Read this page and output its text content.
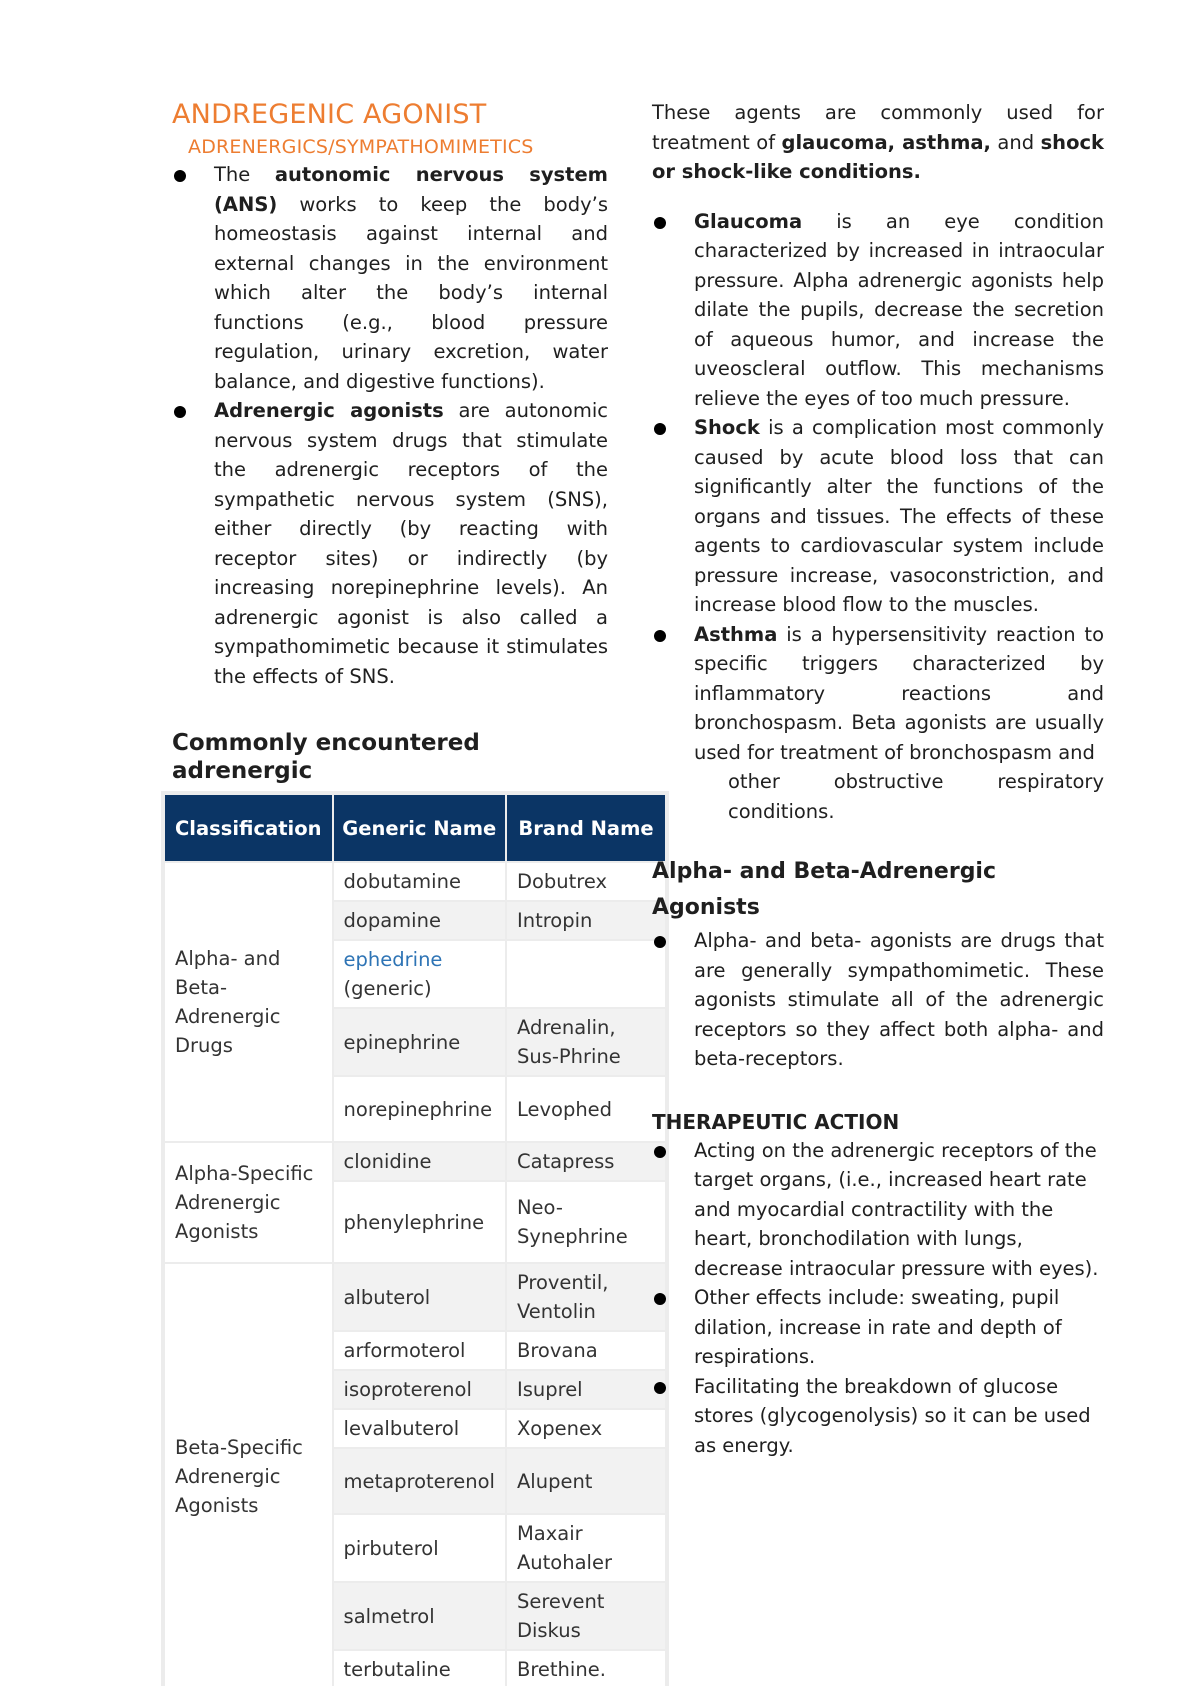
ANDREGENIC AGONIST
ADRENERGICS/SYMPATHOMIMETICS
The autonomic nervous system (ANS) works to keep the body’s homeostasis against internal and external changes in the environment which alter the body’s internal functions (e.g., blood pressure regulation, urinary excretion, water balance, and digestive functions).
Adrenergic agonists are autonomic nervous system drugs that stimulate the adrenergic receptors of the sympathetic nervous system (SNS), either directly (by reacting with receptor sites) or indirectly (by increasing norepinephrine levels). An adrenergic agonist is also called a sympathomimetic because it stimulates the effects of SNS.
Commonly encountered adrenergic
Classification	Generic Name	Brand Name
Alpha- and Beta-Adrenergic Drugs	dobutamine	Dobutrex
	dopamine	Intropin
	ephedrine (generic)	
	epinephrine	Adrenalin, Sus-Phrine
	norepinephrine	Levophed
Alpha-Specific Adrenergic Agonists	clonidine	Catapress
	phenylephrine	Neo-Synephrine
Beta-Specific Adrenergic Agonists	albuterol	Proventil, Ventolin
	arformoterol	Brovana
	isoproterenol	Isuprel
	levalbuterol	Xopenex
	metaproterenol	Alupent
	pirbuterol	Maxair Autohaler
	salmetrol	Serevent Diskus
	terbutaline	Brethine.

These agents are commonly used for treatment of glaucoma, asthma, and shock or shock-like conditions.

Glaucoma is an eye condition characterized by increased in intraocular pressure. Alpha adrenergic agonists help dilate the pupils, decrease the secretion of aqueous humor, and increase the uveoscleral outflow. This mechanisms relieve the eyes of too much pressure.
Shock is a complication most commonly caused by acute blood loss that can significantly alter the functions of the organs and tissues. The effects of these agents to cardiovascular system include pressure increase, vasoconstriction, and increase blood flow to the muscles.
Asthma is a hypersensitivity reaction to specific triggers characterized by inflammatory reactions and bronchospasm. Beta agonists are usually used for treatment of bronchospasm and
other obstructive respiratory conditions.
Alpha- and Beta-Adrenergic Agonists
Alpha- and beta- agonists are drugs that are generally sympathomimetic. These agonists stimulate all of the adrenergic receptors so they affect both alpha- and beta-receptors.
THERAPEUTIC ACTION
Acting on the adrenergic receptors of the target organs, (i.e., increased heart rate and myocardial contractility with the heart, bronchodilation with lungs, decrease intraocular pressure with eyes).
Other effects include: sweating, pupil dilation, increase in rate and depth of respirations.
Facilitating the breakdown of glucose stores (glycogenolysis) so it can be used as energy.
